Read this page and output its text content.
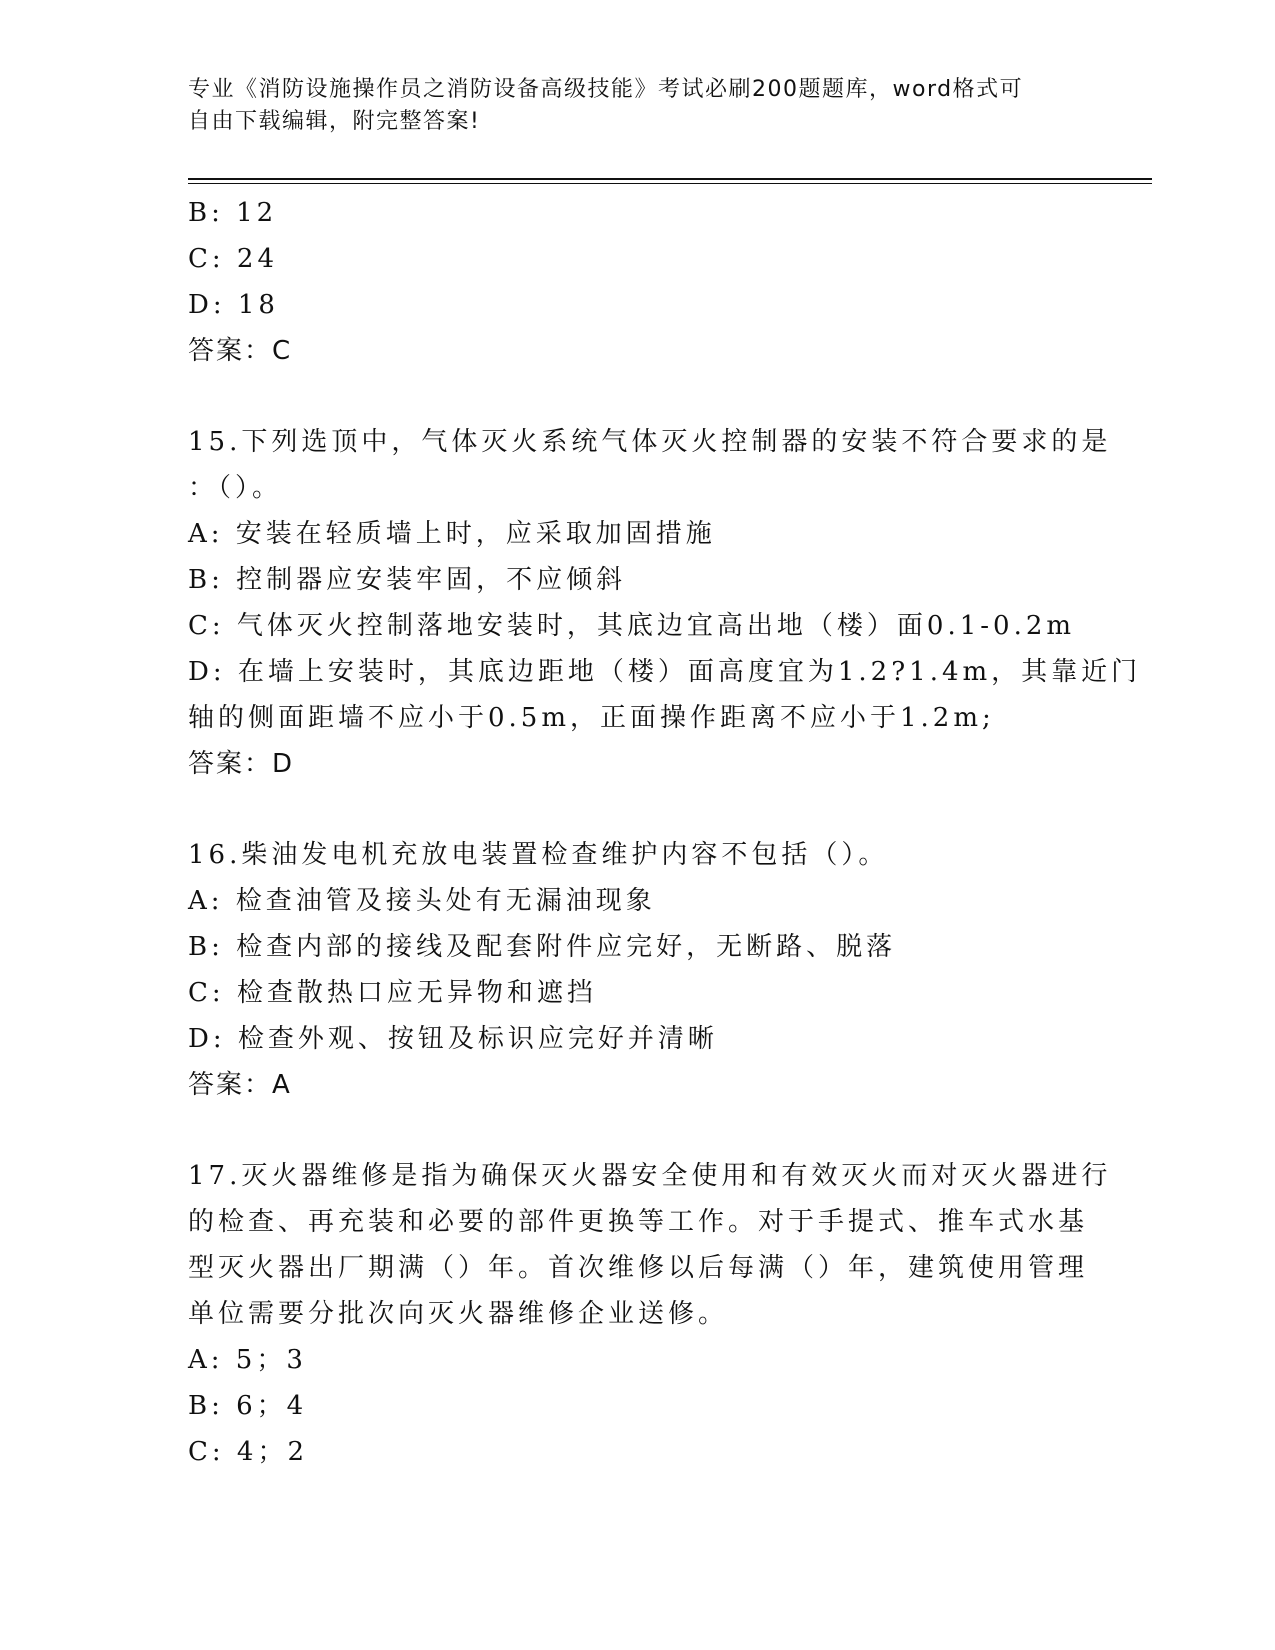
专业《消防设施操作员之消防设备高级技能》考试必刷200题题库，word格式可
自由下载编辑，附完整答案!
B: 12
C: 24
D: 18
答案：C
15.下列选顶中，气体灭火系统气体灭火控制器的安装不符合要求的是
：（）。
A: 安装在轻质墙上时，应采取加固措施
B: 控制器应安装牢固，不应倾斜
C: 气体灭火控制落地安装时，其底边宜高出地（楼）面0.1-0.2m
D: 在墙上安装时，其底边距地（楼）面高度宜为1.2?1.4m，其靠近门
轴的侧面距墙不应小于0.5m，正面操作距离不应小于1.2m;
答案：D
16.柴油发电机充放电装置检查维护内容不包括（）。
A: 检查油管及接头处有无漏油现象
B: 检查内部的接线及配套附件应完好，无断路、脱落
C: 检查散热口应无异物和遮挡
D: 检查外观、按钮及标识应完好并清晰
答案：A
17.灭火器维修是指为确保灭火器安全使用和有效灭火而对灭火器进行
的检查、再充装和必要的部件更换等工作。对于手提式、推车式水基
型灭火器出厂期满（）年。首次维修以后每满（）年，建筑使用管理
单位需要分批次向灭火器维修企业送修。
A: 5；3
B: 6；4
C: 4；2
